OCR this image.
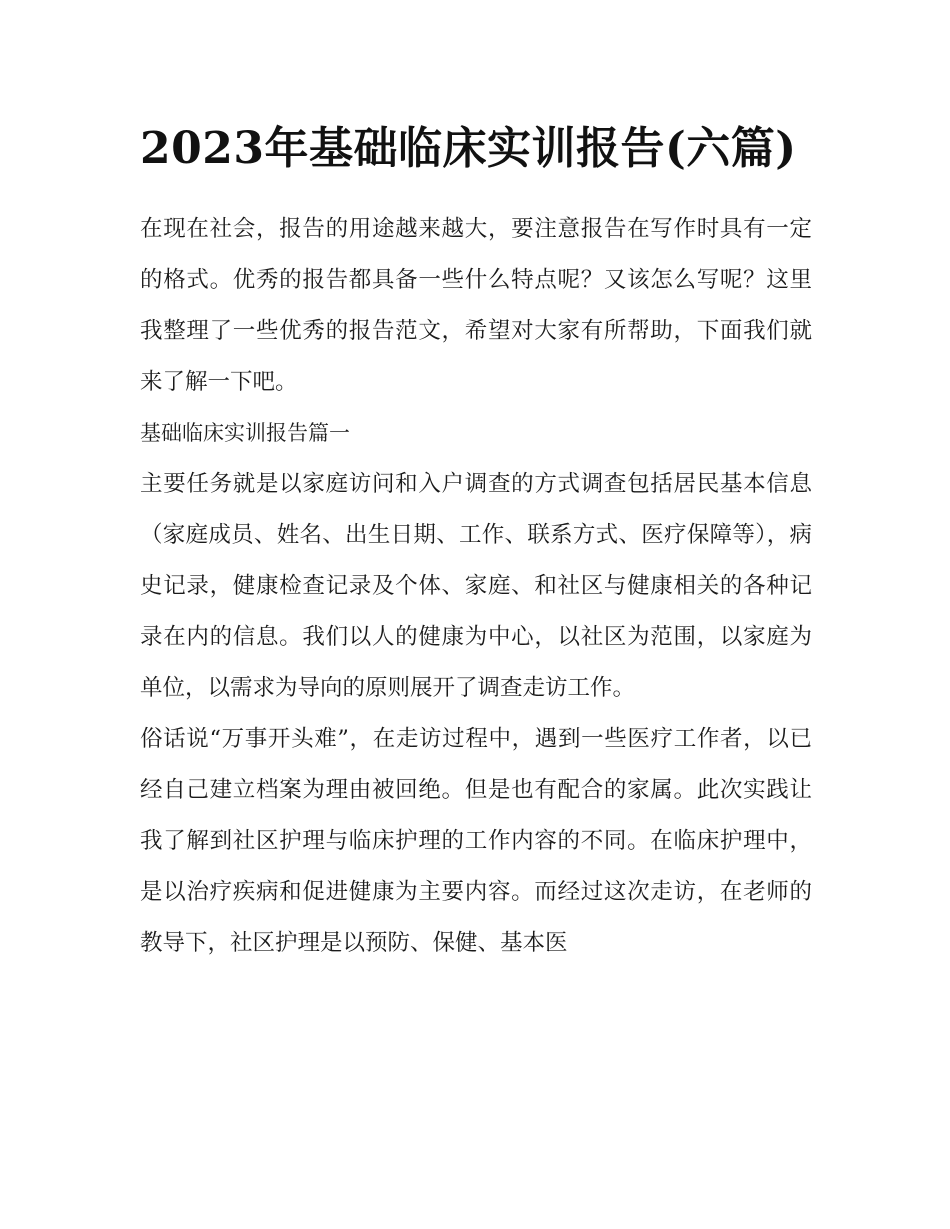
2023年基础临床实训报告(六篇)

在现在社会，报告的用途越来越大，要注意报告在写作时具有一定的格式。优秀的报告都具备一些什么特点呢？又该怎么写呢？这里我整理了一些优秀的报告范文，希望对大家有所帮助，下面我们就来了解一下吧。

基础临床实训报告篇一

主要任务就是以家庭访问和入户调查的方式调查包括居民基本信息（家庭成员、姓名、出生日期、工作、联系方式、医疗保障等），病史记录，健康检查记录及个体、家庭、和社区与健康相关的各种记录在内的信息。我们以人的健康为中心，以社区为范围，以家庭为单位，以需求为导向的原则展开了调查走访工作。

俗话说“万事开头难”，在走访过程中，遇到一些医疗工作者，以已经自己建立档案为理由被回绝。但是也有配合的家属。此次实践让我了解到社区护理与临床护理的工作内容的不同。在临床护理中，是以治疗疾病和促进健康为主要内容。而经过这次走访，在老师的教导下，社区护理是以预防、保健、基本医
